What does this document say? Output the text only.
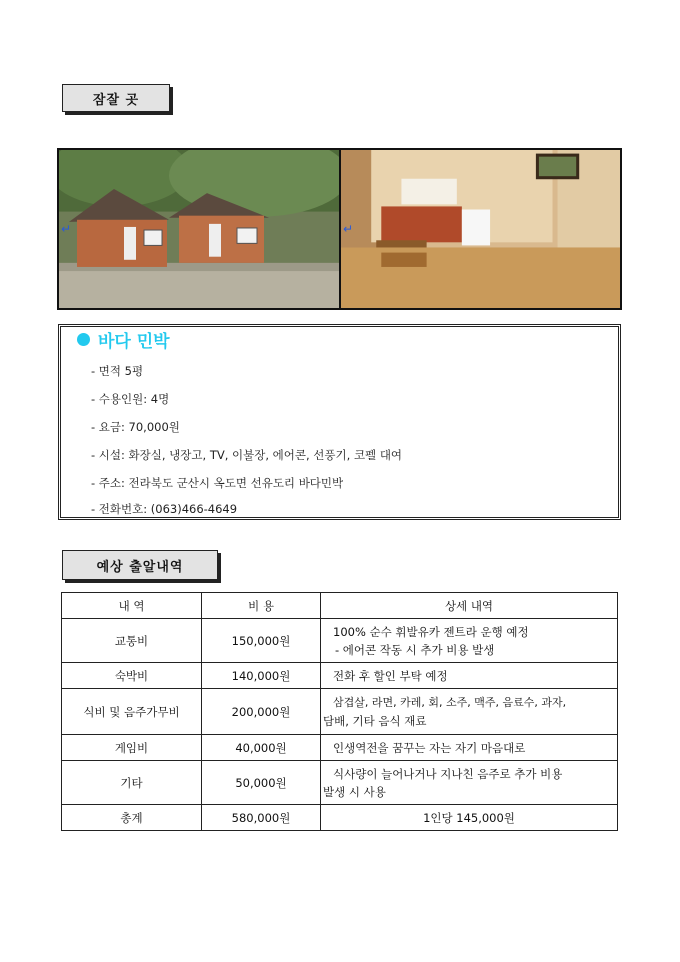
잠잘 곳
↵	↵
바다 민박
- 면적 5평
- 수용인원: 4명
- 요금: 70,000원
- 시설: 화장실, 냉장고, TV, 이불장, 에어콘, 선풍기, 코펠 대여
- 주소: 전라북도 군산시 옥도면 선유도리 바다민박
- 전화번호: (063)466-4649
예상 출알내역
내 역	비 용	상세 내역
교통비	150,000원	100% 순수 휘발유카 젠트라 운행 예정
- 에어콘 작동 시 추가 비용 발생

숙박비	140,000원	전화 후 할인 부탁 예정

식비 및 음주가무비	200,000원	삼겹살, 라면, 카레, 회, 소주, 맥주, 음료수, 과자,
담배, 기타 음식 재료

게임비	40,000원	인생역전을 꿈꾸는 자는 자기 마음대로

기타	50,000원	식사량이 늘어나거나 지나친 음주로 추가 비용
발생 시 사용

총계	580,000원	1인당 145,000원
